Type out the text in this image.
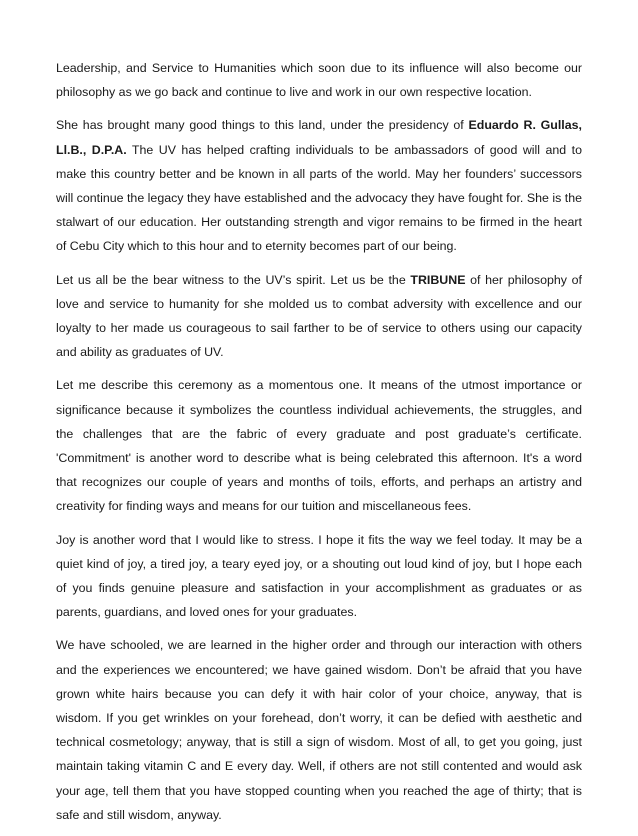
Leadership, and Service to Humanities which soon due to its influence will also become our philosophy as we go back and continue to live and work in our own respective location.

She has brought many good things to this land, under the presidency of Eduardo R. Gullas, Ll.B., D.P.A. The UV has helped crafting individuals to be ambassadors of good will and to make this country better and be known in all parts of the world. May her founders’ successors will continue the legacy they have established and the advocacy they have fought for. She is the stalwart of our education. Her outstanding strength and vigor remains to be firmed in the heart of Cebu City which to this hour and to eternity becomes part of our being.

Let us all be the bear witness to the UV’s spirit. Let us be the TRIBUNE of her philosophy of love and service to humanity for she molded us to combat adversity with excellence and our loyalty to her made us courageous to sail farther to be of service to others using our capacity and ability as graduates of UV.

Let me describe this ceremony as a momentous one. It means of the utmost importance or significance because it symbolizes the countless individual achievements, the struggles, and the challenges that are the fabric of every graduate and post graduate’s certificate. 'Commitment' is another word to describe what is being celebrated this afternoon. It's a word that recognizes our couple of years and months of toils, efforts, and perhaps an artistry and creativity for finding ways and means for our tuition and miscellaneous fees.

Joy is another word that I would like to stress. I hope it fits the way we feel today. It may be a quiet kind of joy, a tired joy, a teary eyed joy, or a shouting out loud kind of joy, but I hope each of you finds genuine pleasure and satisfaction in your accomplishment as graduates or as parents, guardians, and loved ones for your graduates.

We have schooled, we are learned in the higher order and through our interaction with others and the experiences we encountered; we have gained wisdom. Don’t be afraid that you have grown white hairs because you can defy it with hair color of your choice, anyway, that is wisdom. If you get wrinkles on your forehead, don’t worry, it can be defied with aesthetic and technical cosmetology; anyway, that is still a sign of wisdom. Most of all, to get you going, just maintain taking vitamin C and E every day. Well, if others are not still contented and would ask your age, tell them that you have stopped counting when you reached the age of thirty; that is safe and still wisdom, anyway.
